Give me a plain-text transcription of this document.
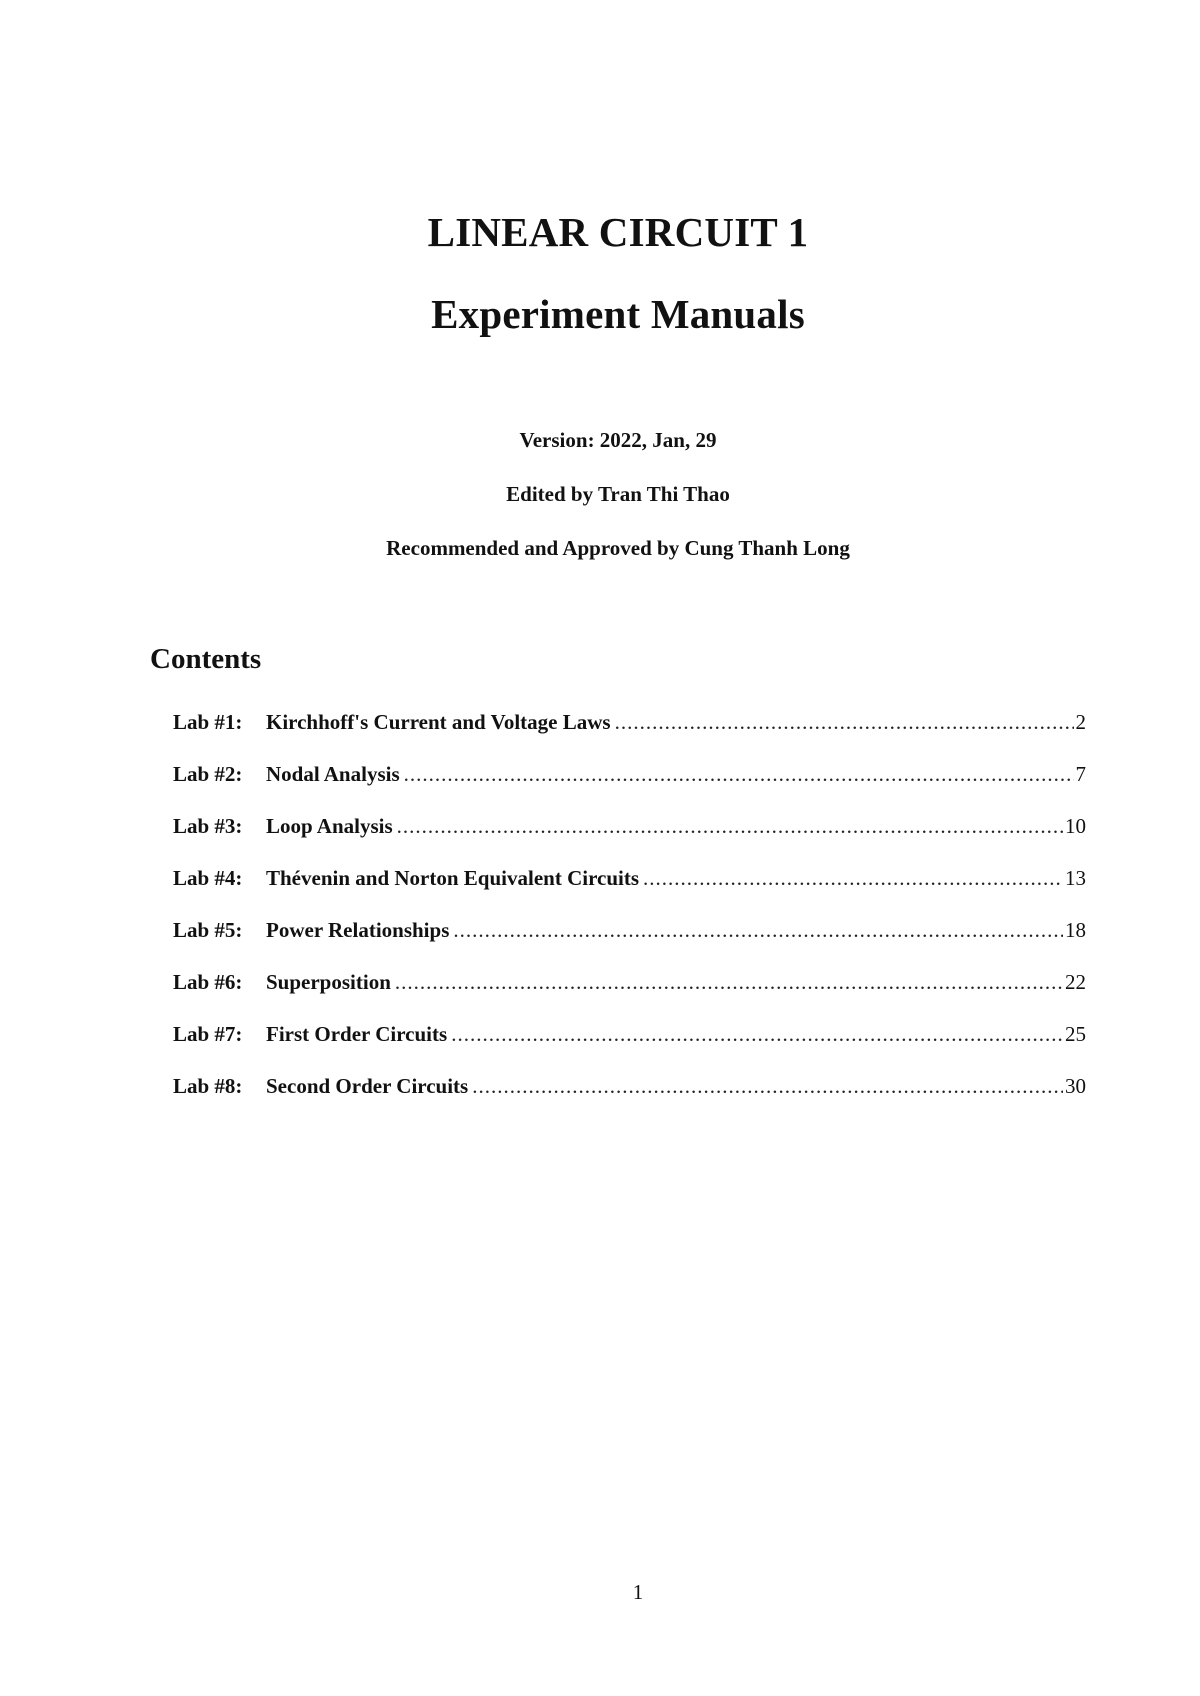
LINEAR CIRCUIT 1
Experiment Manuals
Version: 2022, Jan, 29
Edited by Tran Thi Thao
Recommended and Approved by Cung Thanh Long
Contents
Lab #1:	Kirchhoff's Current and Voltage Laws .....	2
Lab #2:	Nodal Analysis .....	7
Lab #3:	Loop Analysis .....	10
Lab #4:	Thévenin and Norton Equivalent Circuits .....	13
Lab #5:	Power Relationships .....	18
Lab #6:	Superposition .....	22
Lab #7:	First Order Circuits .....	25
Lab #8:	Second Order Circuits .....	30
1
